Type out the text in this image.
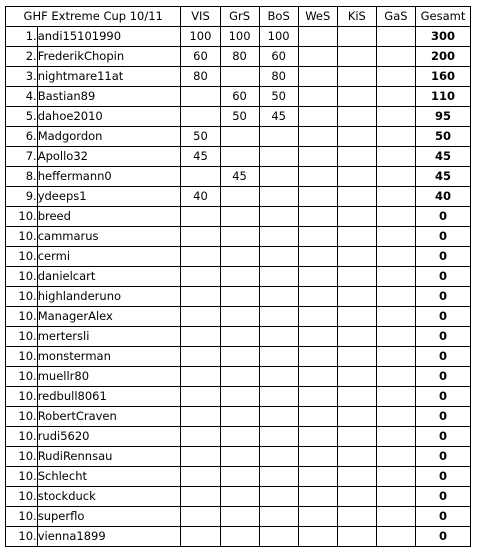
GHF Extreme Cup 10/11		VIS	GrS	BoS	WeS	KiS	GaS	Gesamt
1.	andi15101990	100	100	100				300
2.	FrederikChopin	60	80	60				200
3.	nightmare11at	80		80				160
4.	Bastian89		60	50				110
5.	dahoe2010		50	45				95
6.	Madgordon	50						50
7.	Apollo32	45						45
8.	heffermann0		45					45
9.	ydeeps1	40						40
10.	breed							0
10.	cammarus							0
10.	cermi							0
10.	danielcart							0
10.	highlanderuno							0
10.	ManagerAlex							0
10.	mertersli							0
10.	monsterman							0
10.	muellr80							0
10.	redbull8061							0
10.	RobertCraven							0
10.	rudi5620							0
10.	RudiRennsau							0
10.	Schlecht							0
10.	stockduck							0
10.	superflo							0
10.	vienna1899							0
